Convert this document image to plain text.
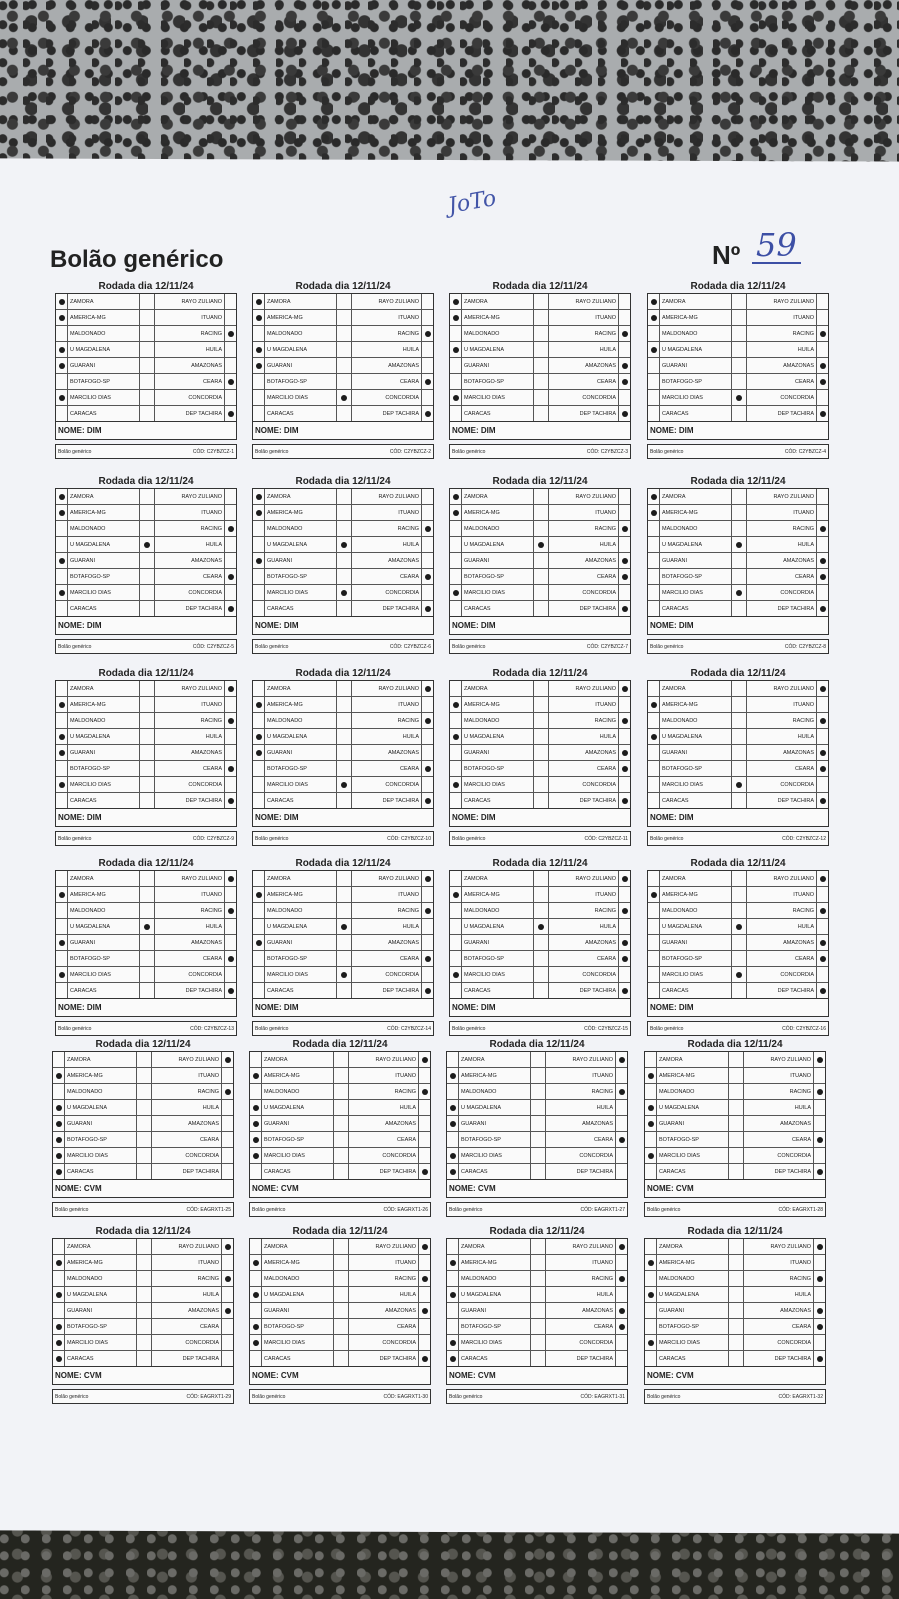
JoTo
Bolão genérico	Nº 59
Rodada dia 12/11/24
ZAMORA	RAYO ZULIANO
AMERICA-MG	ITUANO
MALDONADO	RACING
U MAGDALENA	HUILA
GUARANI	AMAZONAS
BOTAFOGO-SP	CEARA
MARCILIO DIAS	CONCORDIA
CARACAS	DEP TACHIRA
NOME: DIM
Bolão genérico	CÓD: C2YBZCZ-1
Rodada dia 12/11/24
ZAMORA	RAYO ZULIANO
AMERICA-MG	ITUANO
MALDONADO	RACING
U MAGDALENA	HUILA
GUARANI	AMAZONAS
BOTAFOGO-SP	CEARA
MARCILIO DIAS	CONCORDIA
CARACAS	DEP TACHIRA
NOME: DIM
Bolão genérico	CÓD: C2YBZCZ-2
Rodada dia 12/11/24
ZAMORA	RAYO ZULIANO
AMERICA-MG	ITUANO
MALDONADO	RACING
U MAGDALENA	HUILA
GUARANI	AMAZONAS
BOTAFOGO-SP	CEARA
MARCILIO DIAS	CONCORDIA
CARACAS	DEP TACHIRA
NOME: DIM
Bolão genérico	CÓD: C2YBZCZ-3
Rodada dia 12/11/24
ZAMORA	RAYO ZULIANO
AMERICA-MG	ITUANO
MALDONADO	RACING
U MAGDALENA	HUILA
GUARANI	AMAZONAS
BOTAFOGO-SP	CEARA
MARCILIO DIAS	CONCORDIA
CARACAS	DEP TACHIRA
NOME: DIM
Bolão genérico	CÓD: C2YBZCZ-4
Rodada dia 12/11/24
ZAMORA	RAYO ZULIANO
AMERICA-MG	ITUANO
MALDONADO	RACING
U MAGDALENA	HUILA
GUARANI	AMAZONAS
BOTAFOGO-SP	CEARA
MARCILIO DIAS	CONCORDIA
CARACAS	DEP TACHIRA
NOME: DIM
Bolão genérico	CÓD: C2YBZCZ-5
Rodada dia 12/11/24
ZAMORA	RAYO ZULIANO
AMERICA-MG	ITUANO
MALDONADO	RACING
U MAGDALENA	HUILA
GUARANI	AMAZONAS
BOTAFOGO-SP	CEARA
MARCILIO DIAS	CONCORDIA
CARACAS	DEP TACHIRA
NOME: DIM
Bolão genérico	CÓD: C2YBZCZ-6
Rodada dia 12/11/24
ZAMORA	RAYO ZULIANO
AMERICA-MG	ITUANO
MALDONADO	RACING
U MAGDALENA	HUILA
GUARANI	AMAZONAS
BOTAFOGO-SP	CEARA
MARCILIO DIAS	CONCORDIA
CARACAS	DEP TACHIRA
NOME: DIM
Bolão genérico	CÓD: C2YBZCZ-7
Rodada dia 12/11/24
ZAMORA	RAYO ZULIANO
AMERICA-MG	ITUANO
MALDONADO	RACING
U MAGDALENA	HUILA
GUARANI	AMAZONAS
BOTAFOGO-SP	CEARA
MARCILIO DIAS	CONCORDIA
CARACAS	DEP TACHIRA
NOME: DIM
Bolão genérico	CÓD: C2YBZCZ-8
Rodada dia 12/11/24
ZAMORA	RAYO ZULIANO
AMERICA-MG	ITUANO
MALDONADO	RACING
U MAGDALENA	HUILA
GUARANI	AMAZONAS
BOTAFOGO-SP	CEARA
MARCILIO DIAS	CONCORDIA
CARACAS	DEP TACHIRA
NOME: DIM
Bolão genérico	CÓD: C2YBZCZ-9
Rodada dia 12/11/24
ZAMORA	RAYO ZULIANO
AMERICA-MG	ITUANO
MALDONADO	RACING
U MAGDALENA	HUILA
GUARANI	AMAZONAS
BOTAFOGO-SP	CEARA
MARCILIO DIAS	CONCORDIA
CARACAS	DEP TACHIRA
NOME: DIM
Bolão genérico	CÓD: C2YBZCZ-10
Rodada dia 12/11/24
ZAMORA	RAYO ZULIANO
AMERICA-MG	ITUANO
MALDONADO	RACING
U MAGDALENA	HUILA
GUARANI	AMAZONAS
BOTAFOGO-SP	CEARA
MARCILIO DIAS	CONCORDIA
CARACAS	DEP TACHIRA
NOME: DIM
Bolão genérico	CÓD: C2YBZCZ-11
Rodada dia 12/11/24
ZAMORA	RAYO ZULIANO
AMERICA-MG	ITUANO
MALDONADO	RACING
U MAGDALENA	HUILA
GUARANI	AMAZONAS
BOTAFOGO-SP	CEARA
MARCILIO DIAS	CONCORDIA
CARACAS	DEP TACHIRA
NOME: DIM
Bolão genérico	CÓD: C2YBZCZ-12
Rodada dia 12/11/24
ZAMORA	RAYO ZULIANO
AMERICA-MG	ITUANO
MALDONADO	RACING
U MAGDALENA	HUILA
GUARANI	AMAZONAS
BOTAFOGO-SP	CEARA
MARCILIO DIAS	CONCORDIA
CARACAS	DEP TACHIRA
NOME: DIM
Bolão genérico	CÓD: C2YBZCZ-13
Rodada dia 12/11/24
ZAMORA	RAYO ZULIANO
AMERICA-MG	ITUANO
MALDONADO	RACING
U MAGDALENA	HUILA
GUARANI	AMAZONAS
BOTAFOGO-SP	CEARA
MARCILIO DIAS	CONCORDIA
CARACAS	DEP TACHIRA
NOME: DIM
Bolão genérico	CÓD: C2YBZCZ-14
Rodada dia 12/11/24
ZAMORA	RAYO ZULIANO
AMERICA-MG	ITUANO
MALDONADO	RACING
U MAGDALENA	HUILA
GUARANI	AMAZONAS
BOTAFOGO-SP	CEARA
MARCILIO DIAS	CONCORDIA
CARACAS	DEP TACHIRA
NOME: DIM
Bolão genérico	CÓD: C2YBZCZ-15
Rodada dia 12/11/24
ZAMORA	RAYO ZULIANO
AMERICA-MG	ITUANO
MALDONADO	RACING
U MAGDALENA	HUILA
GUARANI	AMAZONAS
BOTAFOGO-SP	CEARA
MARCILIO DIAS	CONCORDIA
CARACAS	DEP TACHIRA
NOME: DIM
Bolão genérico	CÓD: C2YBZCZ-16
Rodada dia 12/11/24
ZAMORA	RAYO ZULIANO
AMERICA-MG	ITUANO
MALDONADO	RACING
U MAGDALENA	HUILA
GUARANI	AMAZONAS
BOTAFOGO-SP	CEARA
MARCILIO DIAS	CONCORDIA
CARACAS	DEP TACHIRA
NOME: CVM
Bolão genérico	CÓD: EAGRXT1-25
Rodada dia 12/11/24
ZAMORA	RAYO ZULIANO
AMERICA-MG	ITUANO
MALDONADO	RACING
U MAGDALENA	HUILA
GUARANI	AMAZONAS
BOTAFOGO-SP	CEARA
MARCILIO DIAS	CONCORDIA
CARACAS	DEP TACHIRA
NOME: CVM
Bolão genérico	CÓD: EAGRXT1-26
Rodada dia 12/11/24
ZAMORA	RAYO ZULIANO
AMERICA-MG	ITUANO
MALDONADO	RACING
U MAGDALENA	HUILA
GUARANI	AMAZONAS
BOTAFOGO-SP	CEARA
MARCILIO DIAS	CONCORDIA
CARACAS	DEP TACHIRA
NOME: CVM
Bolão genérico	CÓD: EAGRXT1-27
Rodada dia 12/11/24
ZAMORA	RAYO ZULIANO
AMERICA-MG	ITUANO
MALDONADO	RACING
U MAGDALENA	HUILA
GUARANI	AMAZONAS
BOTAFOGO-SP	CEARA
MARCILIO DIAS	CONCORDIA
CARACAS	DEP TACHIRA
NOME: CVM
Bolão genérico	CÓD: EAGRXT1-28
Rodada dia 12/11/24
ZAMORA	RAYO ZULIANO
AMERICA-MG	ITUANO
MALDONADO	RACING
U MAGDALENA	HUILA
GUARANI	AMAZONAS
BOTAFOGO-SP	CEARA
MARCILIO DIAS	CONCORDIA
CARACAS	DEP TACHIRA
NOME: CVM
Bolão genérico	CÓD: EAGRXT1-29
Rodada dia 12/11/24
ZAMORA	RAYO ZULIANO
AMERICA-MG	ITUANO
MALDONADO	RACING
U MAGDALENA	HUILA
GUARANI	AMAZONAS
BOTAFOGO-SP	CEARA
MARCILIO DIAS	CONCORDIA
CARACAS	DEP TACHIRA
NOME: CVM
Bolão genérico	CÓD: EAGRXT1-30
Rodada dia 12/11/24
ZAMORA	RAYO ZULIANO
AMERICA-MG	ITUANO
MALDONADO	RACING
U MAGDALENA	HUILA
GUARANI	AMAZONAS
BOTAFOGO-SP	CEARA
MARCILIO DIAS	CONCORDIA
CARACAS	DEP TACHIRA
NOME: CVM
Bolão genérico	CÓD: EAGRXT1-31
Rodada dia 12/11/24
ZAMORA	RAYO ZULIANO
AMERICA-MG	ITUANO
MALDONADO	RACING
U MAGDALENA	HUILA
GUARANI	AMAZONAS
BOTAFOGO-SP	CEARA
MARCILIO DIAS	CONCORDIA
CARACAS	DEP TACHIRA
NOME: CVM
Bolão genérico	CÓD: EAGRXT1-32
